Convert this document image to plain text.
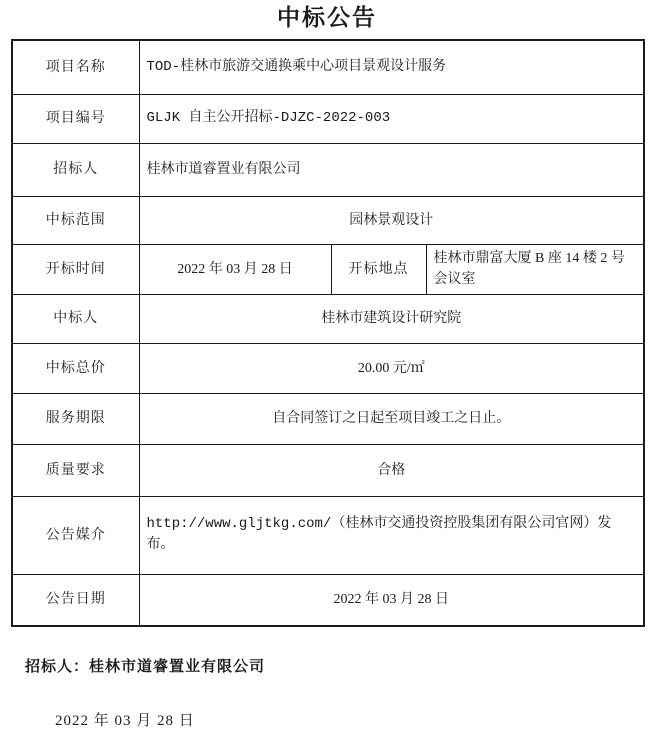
中标公告
项目名称	TOD-桂林市旅游交通换乘中心项目景观设计服务		
项目编号	GLJK 自主公开招标-DJZC-2022-003		
招标人	桂林市道睿置业有限公司		
中标范围	园林景观设计		
开标时间	2022 年 03 月 28 日	开标地点	桂林市鼎富大厦 B 座 14 楼 2 号会议室
中标人	桂林市建筑设计研究院		
中标总价	20.00 元/㎡		
服务期限	自合同签订之日起至项目竣工之日止。		
质量要求	合格		
公告媒介	http://www.gljtkg.com/（桂林市交通投资控股集团有限公司官网）发布。		
公告日期	2022 年 03 月 28 日		

招标人：桂林市道睿置业有限公司

2022 年 03 月 28 日
